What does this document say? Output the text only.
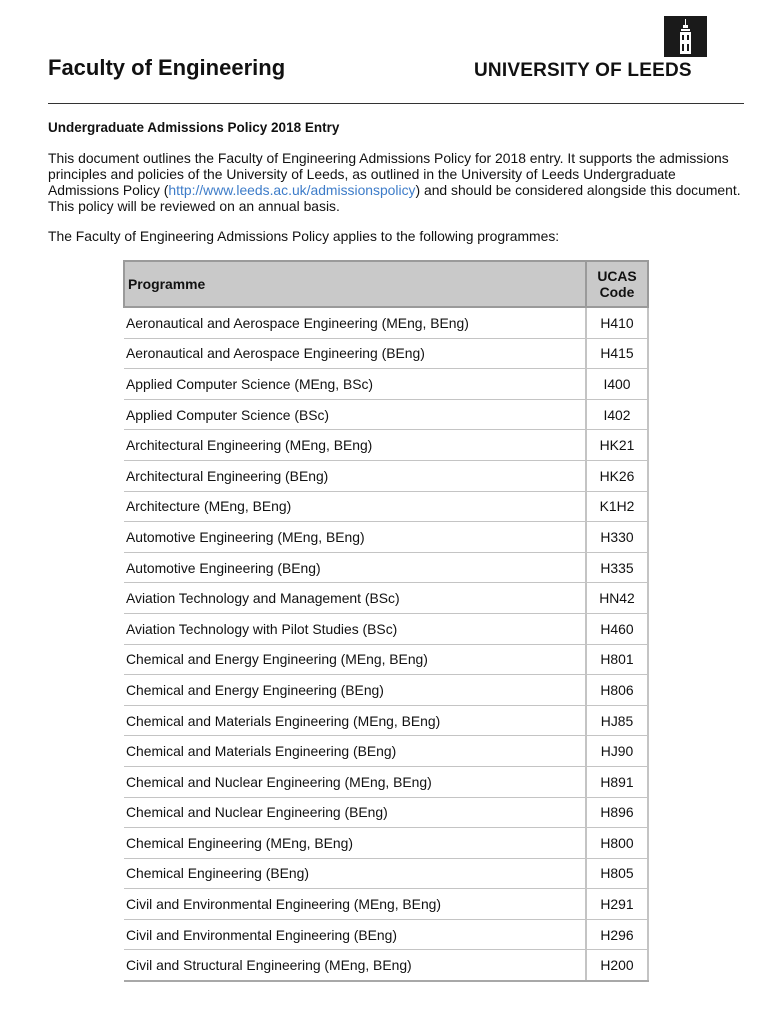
Faculty of Engineering	UNIVERSITY OF LEEDS
Undergraduate Admissions Policy 2018 Entry

This document outlines the Faculty of Engineering Admissions Policy for 2018 entry. It supports the admissions principles and policies of the University of Leeds, as outlined in the University of Leeds Undergraduate Admissions Policy (http://www.leeds.ac.uk/admissionspolicy) and should be considered alongside this document. This policy will be reviewed on an annual basis.

The Faculty of Engineering Admissions Policy applies to the following programmes:

Programme	UCAS
Code
Aeronautical and Aerospace Engineering (MEng, BEng)	H410
Aeronautical and Aerospace Engineering (BEng)	H415
Applied Computer Science (MEng, BSc)	I400
Applied Computer Science (BSc)	I402
Architectural Engineering (MEng, BEng)	HK21
Architectural Engineering (BEng)	HK26
Architecture (MEng, BEng)	K1H2
Automotive Engineering (MEng, BEng)	H330
Automotive Engineering (BEng)	H335
Aviation Technology and Management (BSc)	HN42
Aviation Technology with Pilot Studies (BSc)	H460
Chemical and Energy Engineering (MEng, BEng)	H801
Chemical and Energy Engineering (BEng)	H806
Chemical and Materials Engineering (MEng, BEng)	HJ85
Chemical and Materials Engineering (BEng)	HJ90
Chemical and Nuclear Engineering (MEng, BEng)	H891
Chemical and Nuclear Engineering (BEng)	H896
Chemical Engineering (MEng, BEng)	H800
Chemical Engineering (BEng)	H805
Civil and Environmental Engineering (MEng, BEng)	H291
Civil and Environmental Engineering (BEng)	H296
Civil and Structural Engineering (MEng, BEng)	H200
